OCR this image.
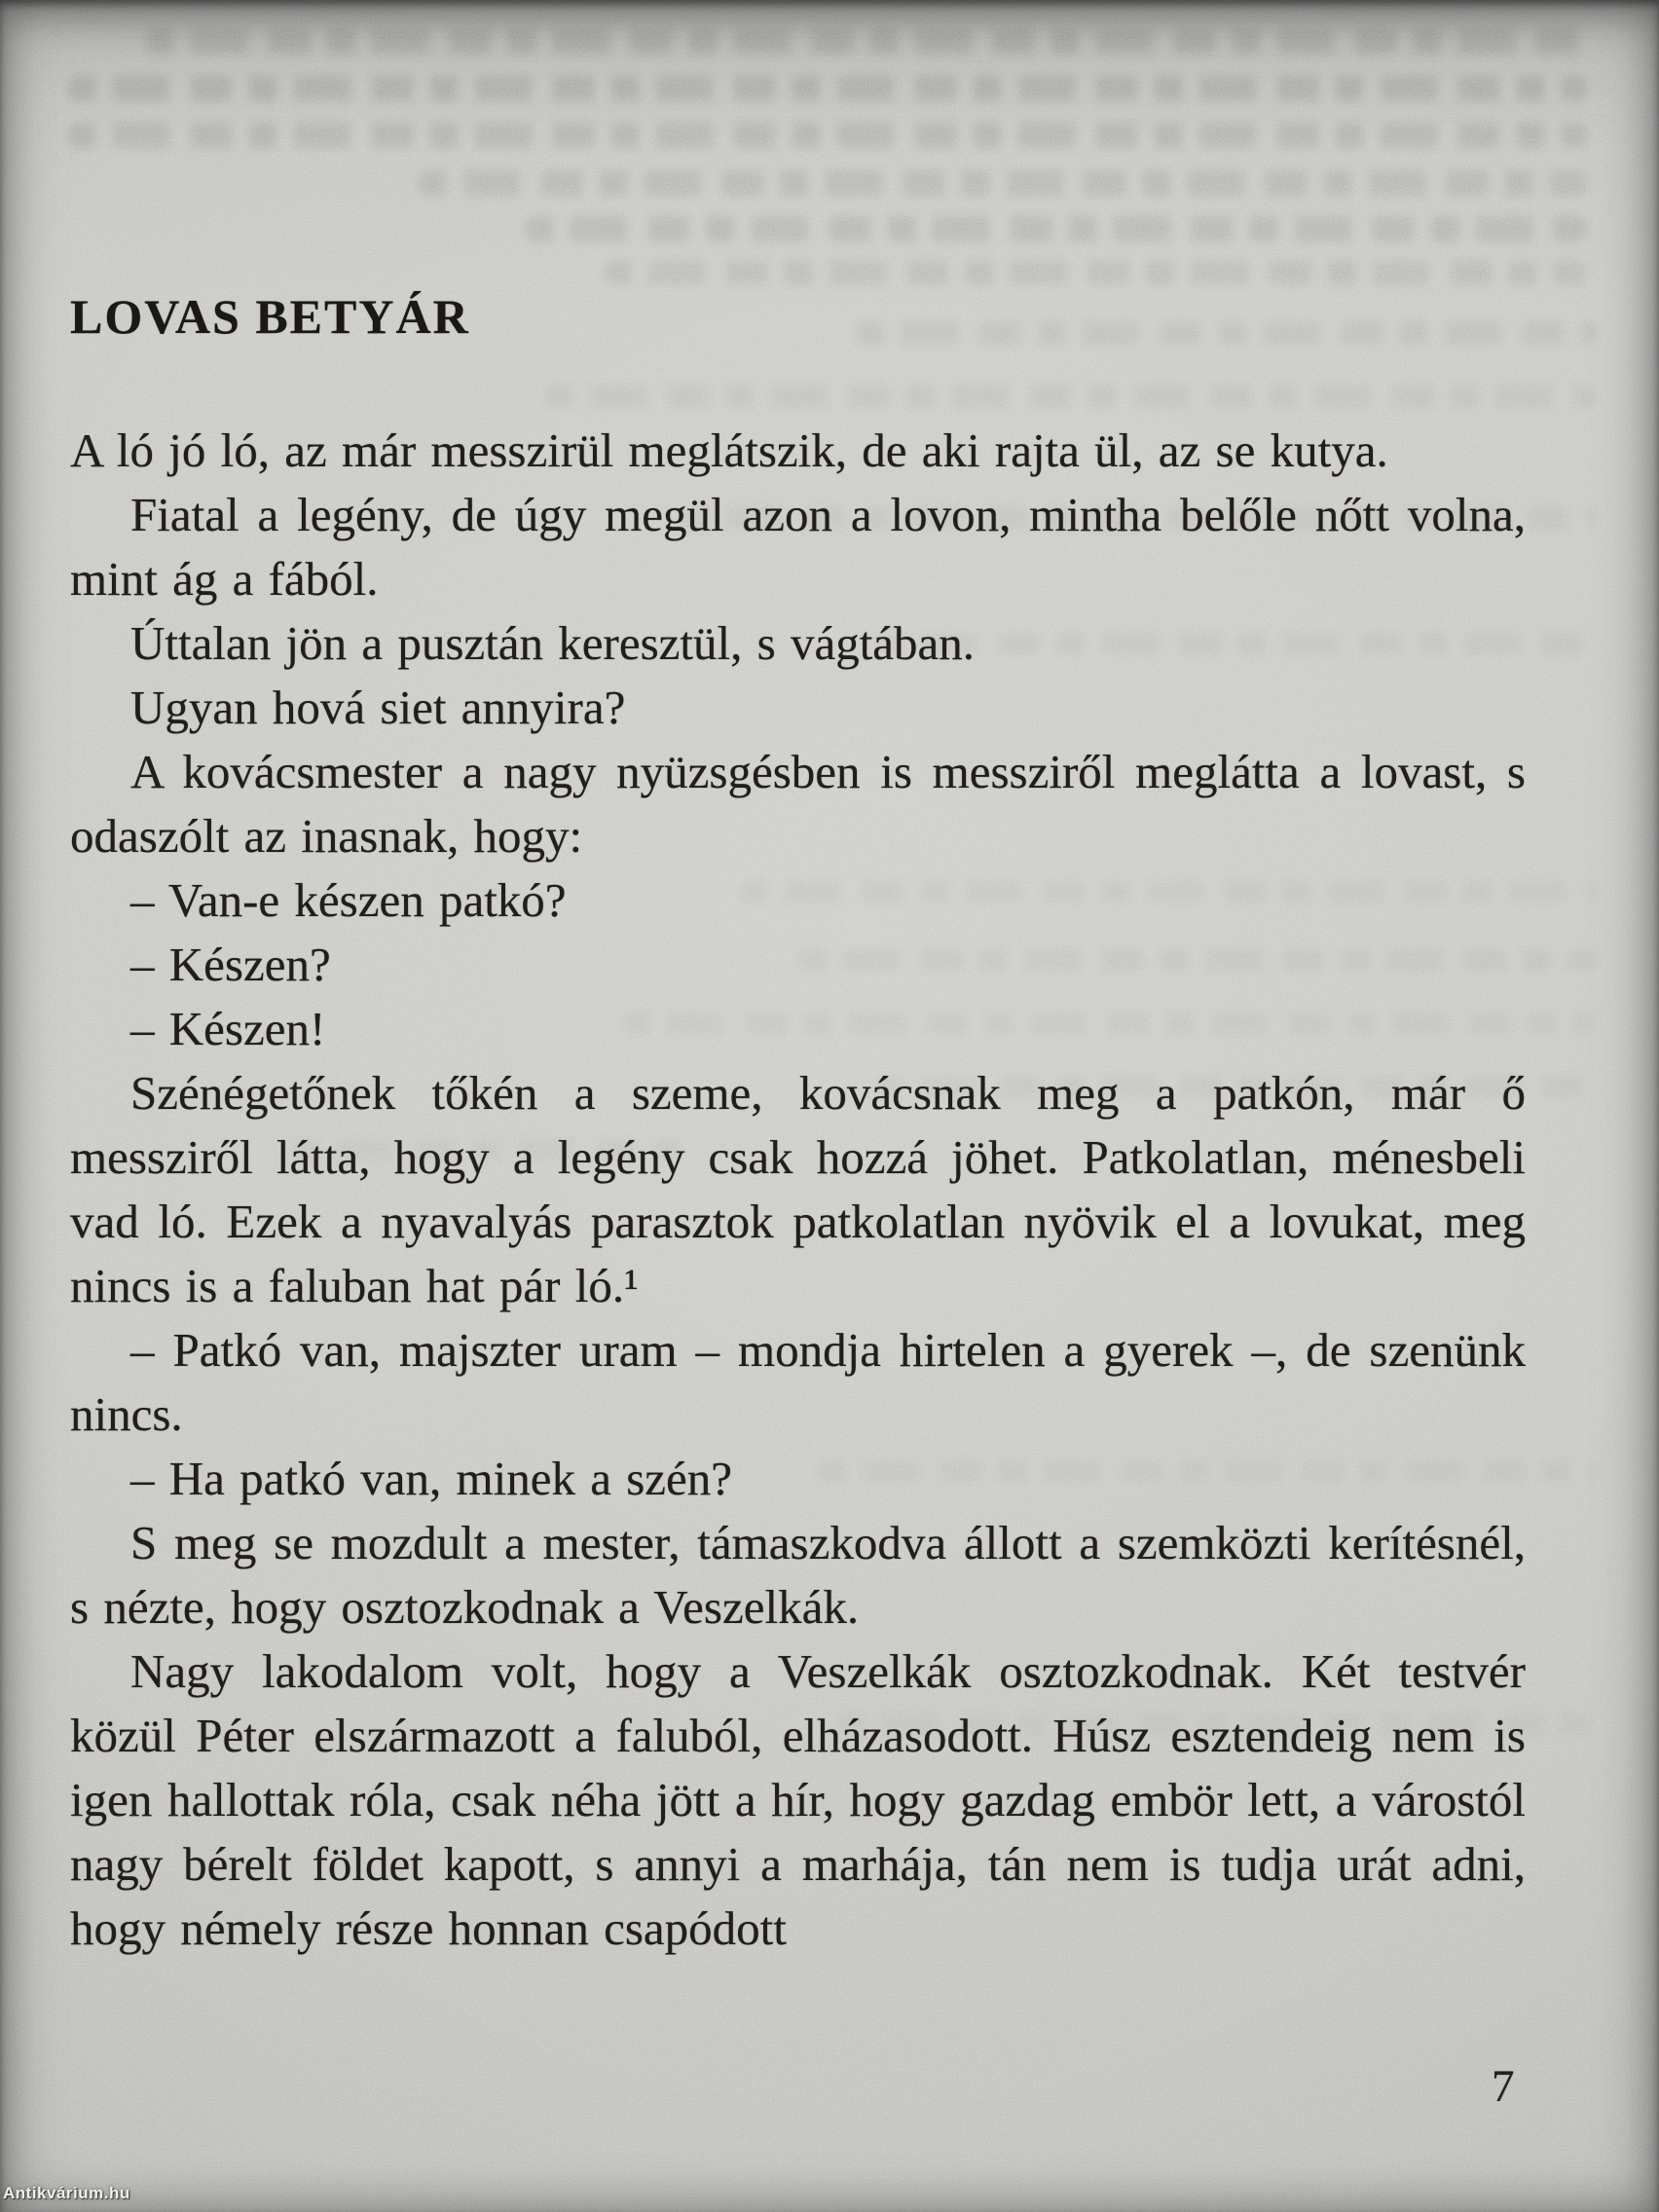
LOVAS BETYÁR

A ló jó ló, az már messzirül meglátszik, de aki rajta ül, az se kutya.

Fiatal a legény, de úgy megül azon a lovon, mintha belőle nőtt volna, mint ág a fából.

Úttalan jön a pusztán keresztül, s vágtában.

Ugyan hová siet annyira?

A kovácsmester a nagy nyüzsgésben is messziről meglátta a lovast, s odaszólt az inasnak, hogy:

– Van-e készen patkó?

– Készen?

– Készen!

Szénégetőnek tőkén a szeme, kovácsnak meg a patkón, már ő messziről látta, hogy a legény csak hozzá jöhet. Patkolatlan, ménesbeli vad ló. Ezek a nyavalyás parasztok patkolatlan nyövik el a lovukat, meg nincs is a faluban hat pár ló.¹

– Patkó van, majszter uram – mondja hirtelen a gyerek –, de szenünk nincs.

– Ha patkó van, minek a szén?

S meg se mozdult a mester, támaszkodva állott a szemközti kerítésnél, s nézte, hogy osztozkodnak a Veszelkák.

Nagy lakodalom volt, hogy a Veszelkák osztozkodnak. Két testvér közül Péter elszármazott a faluból, elházasodott. Húsz esztendeig nem is igen hallottak róla, csak néha jött a hír, hogy gazdag embör lett, a várostól nagy bérelt földet kapott, s annyi a marhája, tán nem is tudja urát adni, hogy némely része honnan csapódott

7
Antikvárium.hu
